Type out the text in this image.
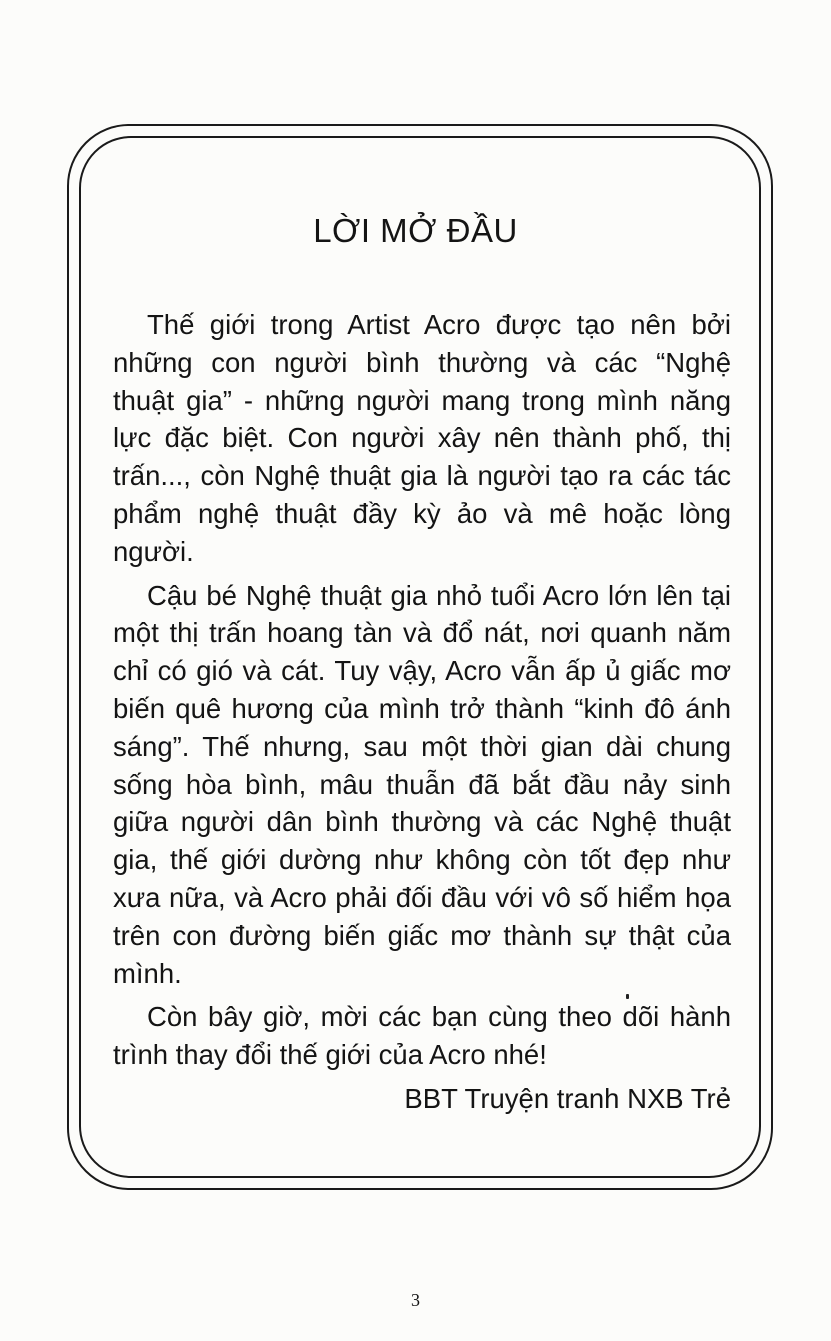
LỜI MỞ ĐẦU
Thế giới trong Artist Acro được tạo nên bởi
những con người bình thường và các “Nghệ
thuật gia” - những người mang trong mình năng
lực đặc biệt. Con người xây nên thành phố, thị
trấn..., còn Nghệ thuật gia là người tạo ra các tác
phẩm nghệ thuật đầy kỳ ảo và mê hoặc lòng
người.
Cậu bé Nghệ thuật gia nhỏ tuổi Acro lớn lên tại
một thị trấn hoang tàn và đổ nát, nơi quanh năm
chỉ có gió và cát. Tuy vậy, Acro vẫn ấp ủ giấc mơ
biến quê hương của mình trở thành “kinh đô ánh
sáng”. Thế nhưng, sau một thời gian dài chung
sống hòa bình, mâu thuẫn đã bắt đầu nảy sinh
giữa người dân bình thường và các Nghệ thuật
gia, thế giới dường như không còn tốt đẹp như
xưa nữa, và Acro phải đối đầu với vô số hiểm họa
trên con đường biến giấc mơ thành sự thật của
mình.
Còn bây giờ, mời các bạn cùng theo dõi hành
trình thay đổi thế giới của Acro nhé!

BBT Truyện tranh NXB Trẻ

3
